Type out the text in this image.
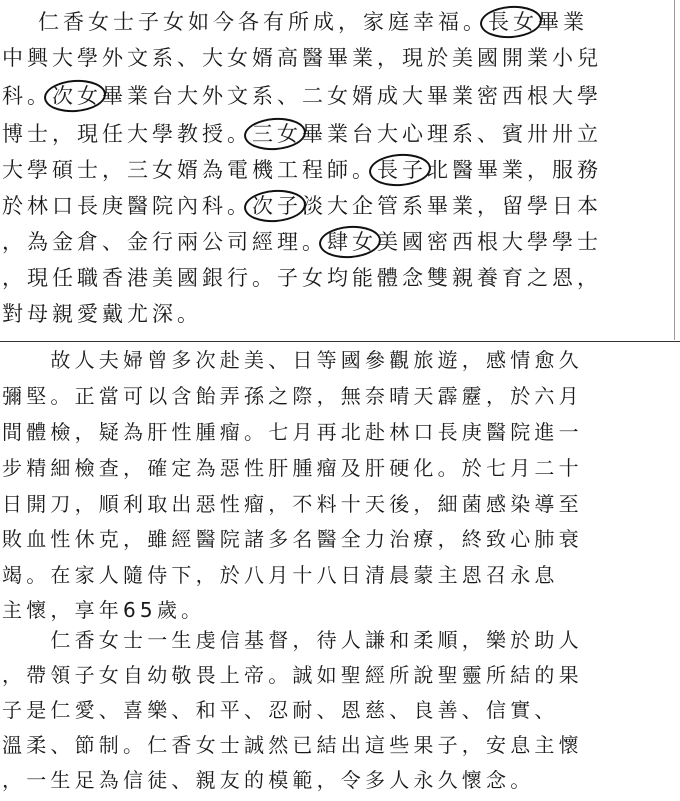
仁香女士子女如今各有所成，家庭幸福。長女畢業
中興大學外文系、大女婿高醫畢業，現於美國開業小兒
科。次女畢業台大外文系、二女婿成大畢業密西根大學
博士，現任大學教授。三女畢業台大心理系、賓卅卅立
大學碩士，三女婿為電機工程師。長子北醫畢業，服務
於林口長庚醫院內科。次子淡大企管系畢業，留學日本
，為金倉、金行兩公司經理。肆女美國密西根大學學士
，現任職香港美國銀行。子女均能體念雙親養育之恩，
對母親愛戴尤深。
　　故人夫婦曾多次赴美、日等國參觀旅遊，感情愈久
彌堅。正當可以含飴弄孫之際，無奈晴天霹靂，於六月
間體檢，疑為肝性腫瘤。七月再北赴林口長庚醫院進一
步精細檢查，確定為惡性肝腫瘤及肝硬化。於七月二十
日開刀，順利取出惡性瘤，不料十天後，細菌感染導至
敗血性休克，雖經醫院諸多名醫全力治療，終致心肺衰
竭。在家人隨侍下，於八月十八日清晨蒙主恩召永息
主懷，享年65歲。
　　仁香女士一生虔信基督，待人謙和柔順，樂於助人
，帶領子女自幼敬畏上帝。誠如聖經所說聖靈所結的果
子是仁愛、喜樂、和平、忍耐、恩慈、良善、信實、
溫柔、節制。仁香女士誠然已結出這些果子，安息主懷
，一生足為信徒、親友的模範，令多人永久懷念。
